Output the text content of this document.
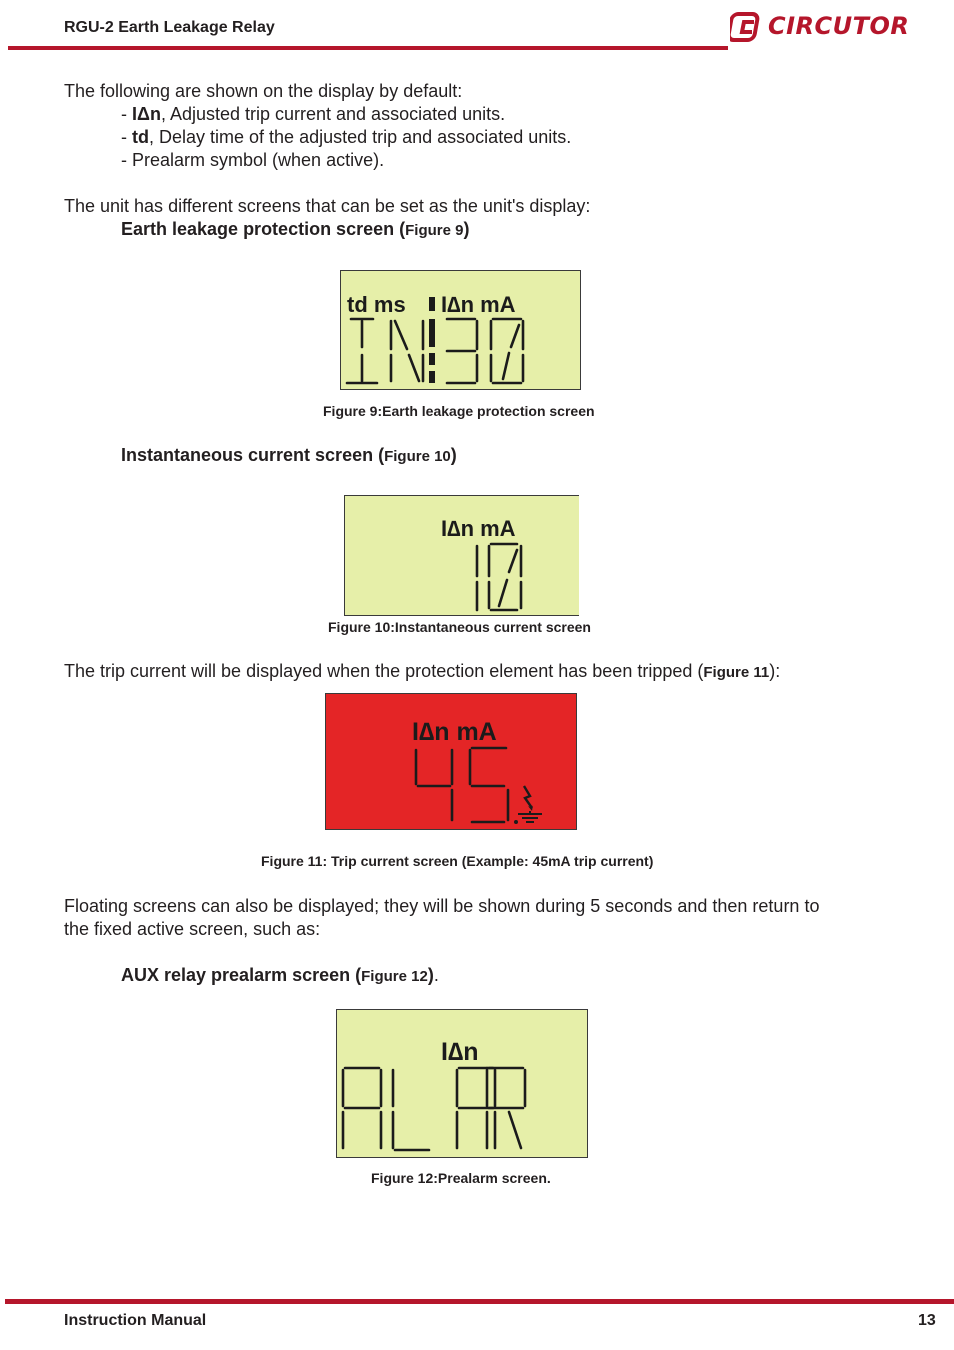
RGU-2 Earth Leakage Relay	CIRCUTOR
The following are shown on the display by default:
- IΔn, Adjusted trip current and associated units.
- td, Delay time of the adjusted trip and associated units.
- Prealarm symbol (when active).
The unit has different screens that can be set as the unit's display:
Earth leakage protection screen (Figure 9)
td ms I∆n mA
Figure 9:Earth leakage protection screen
Instantaneous current screen (Figure 10)
I∆n mA
Figure 10:Instantaneous current screen
The trip current will be displayed when the protection element has been tripped (Figure 11):
I∆n mA
Figure 11: Trip current screen (Example: 45mA trip current)
Floating screens can also be displayed; they will be shown during 5 seconds and then return to
the fixed active screen, such as:
AUX relay prealarm screen (Figure 12).
I∆n
Figure 12:Prealarm screen.
Instruction Manual	13
